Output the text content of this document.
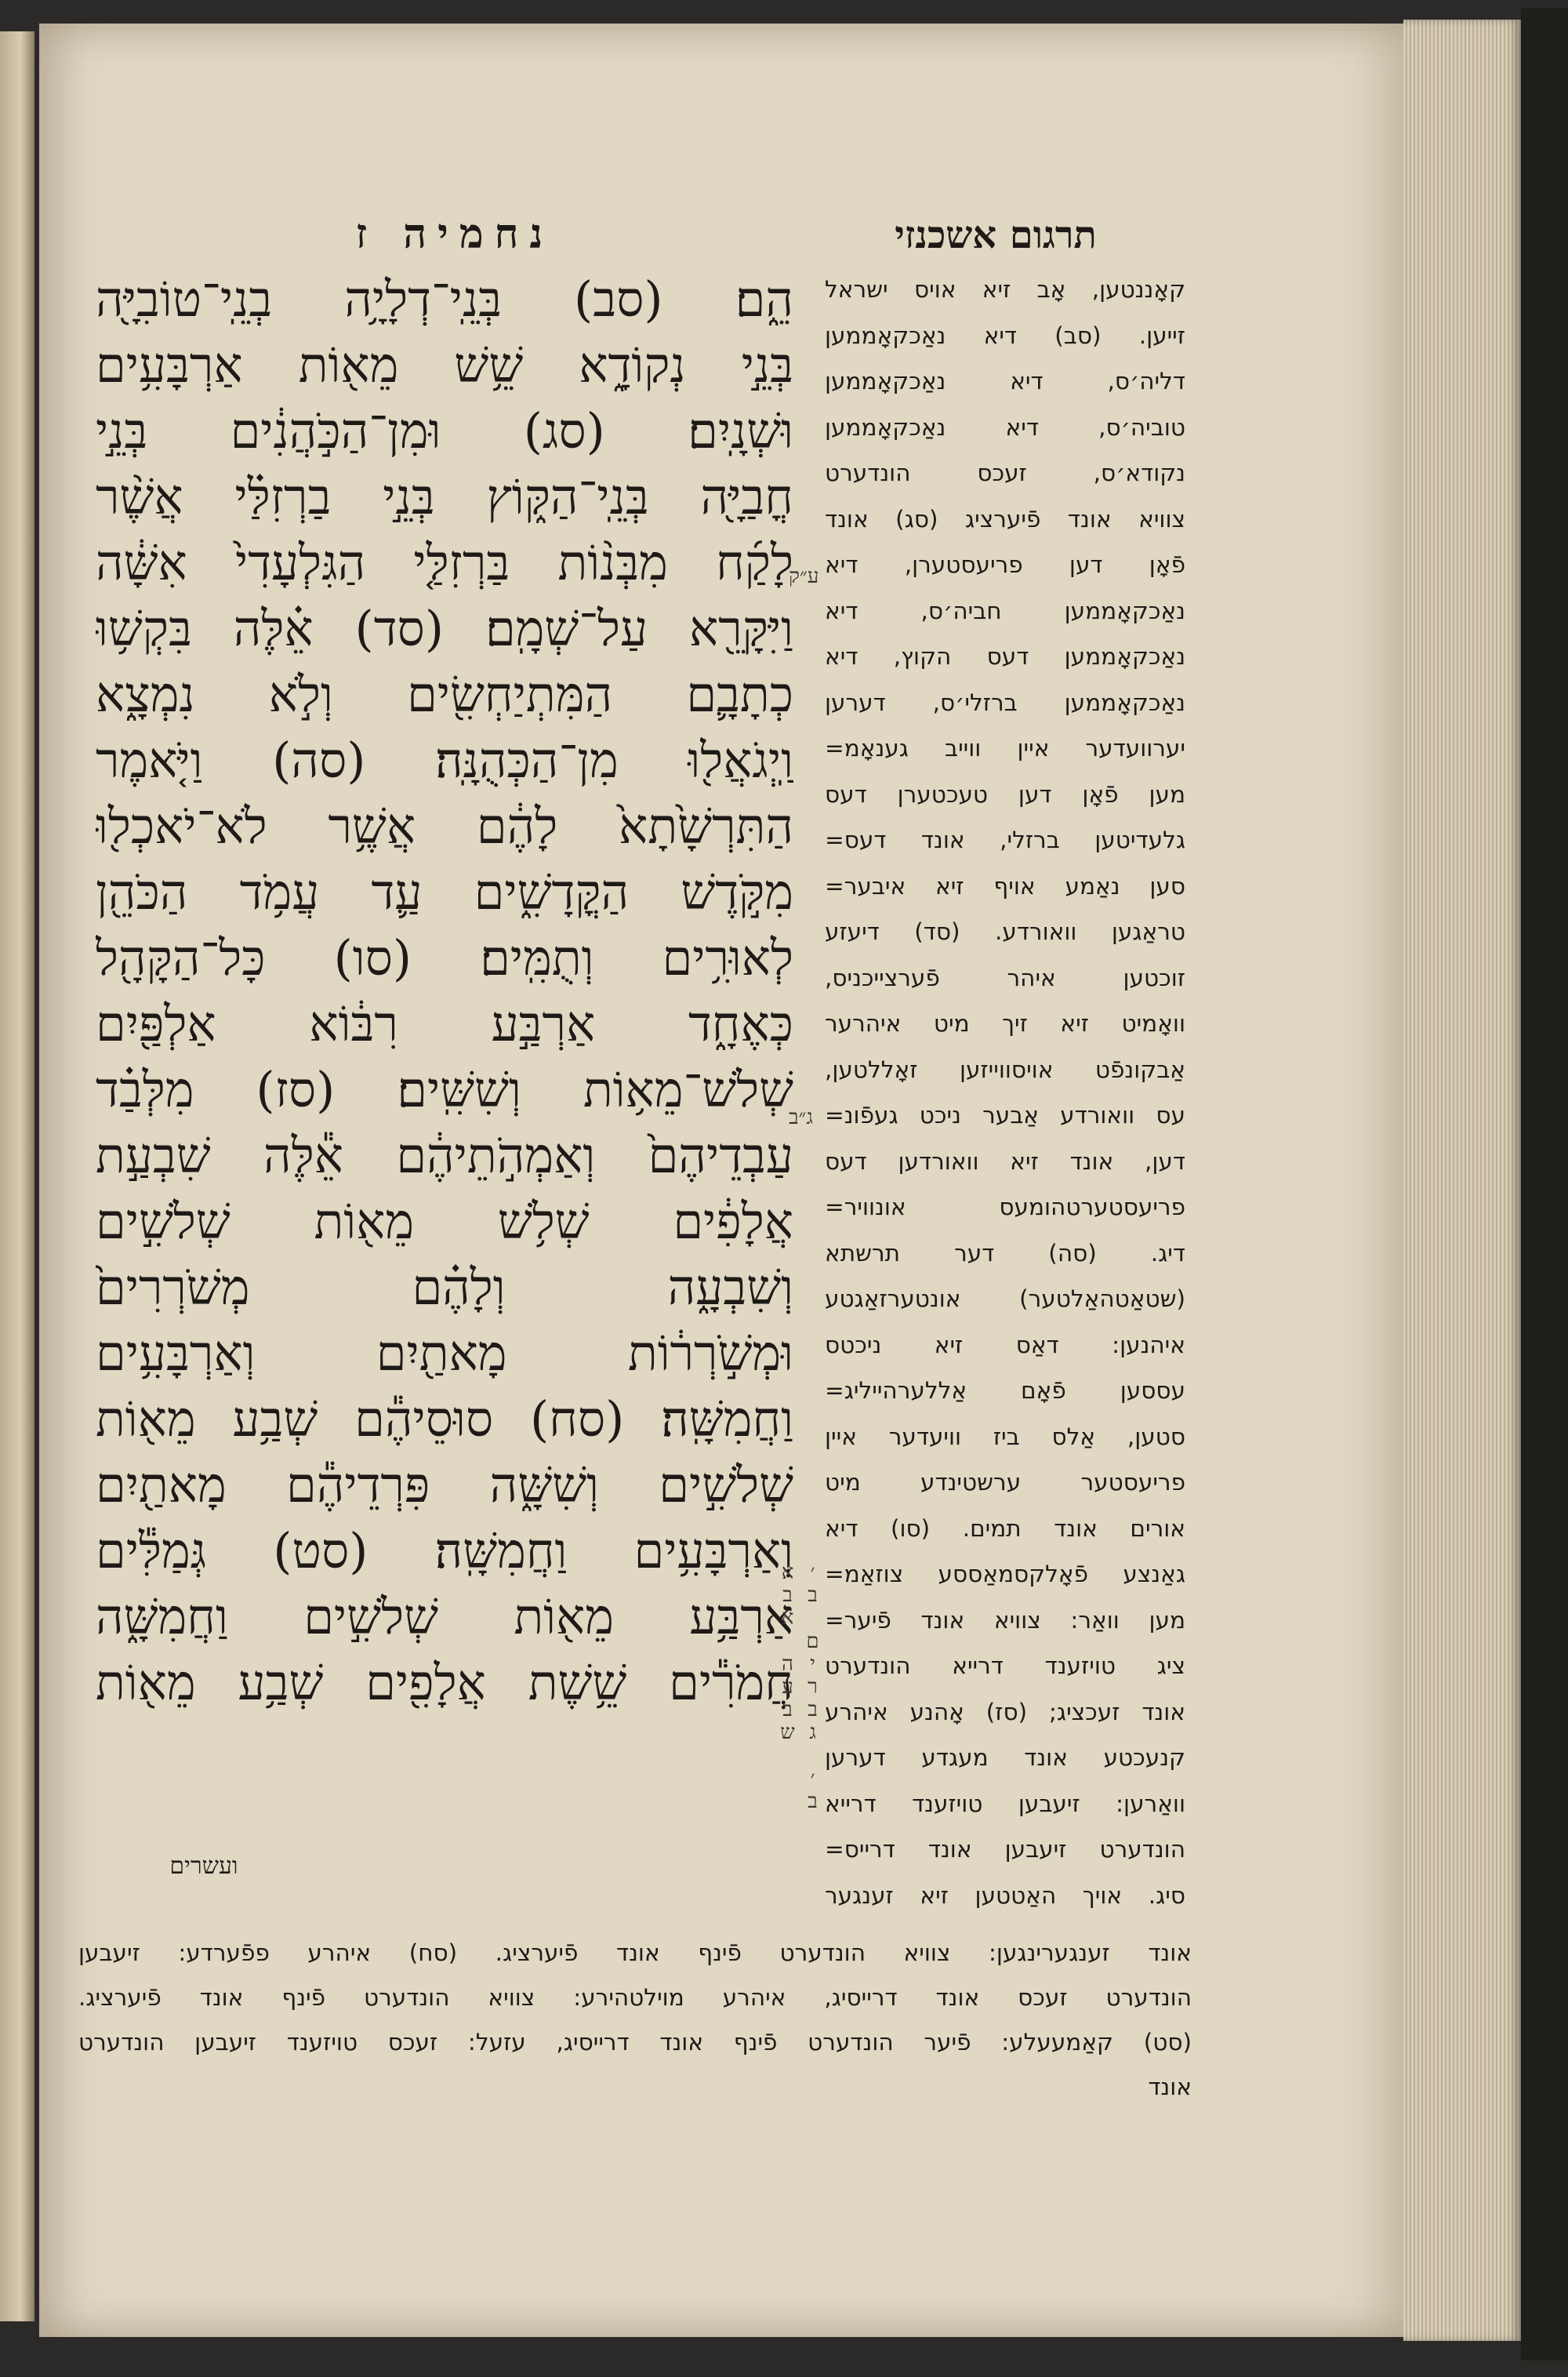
נחמיה ז	תרגום אשכנזי
הֵ֑ם׃ (סב) בְּנֵֽי־דְלָיָ֥ה בְנֵֽי־טוֹבִיָּ֖ה
בְּנֵ֣י נְקוֹדָ֑א שֵׁ֥שׁ מֵא֖וֹת אַרְבָּעִ֥ים
וּשְׁנָֽיִם׃ (סג) וּמִן־הַכֹּ֣הֲנִ֔ים בְּנֵ֣י
חֳבַיָּ֖ה בְּנֵֽי־הַקּ֑וֹץ בְּנֵ֣י בַרְזִלַּ֗י אֲשֶׁ֨ר
לָקַ֜ח מִבְּנ֨וֹת בַּרְזִלַּ֤י הַגִּלְעָדִי֙ אִשָּׁ֔ה
וַיִּקָּרֵ֖א עַל־שְׁמָֽם׃ (סד) אֵ֗לֶּה בִּקְשׁ֥וּ
כְתָבָ֛ם הַמִּתְיַחְשִׂ֖ים וְלֹ֣א נִמְצָ֑א
וַֽיְגֹאֲל֖וּ מִן־הַכְּהֻנָּֽה׃ (סה) וַיֹּ֤אמֶר
הַתִּרְשָׁ֙תָא֙ לָהֶ֔ם אֲשֶׁ֥ר לֹא־יֹאכְל֖וּ
מִקֹּ֣דֶשׁ הַקֳּדָשִׁ֑ים עַ֛ד עֲמֹ֥ד הַכֹּהֵ֖ן
לְאוּרִ֥ים וְתֻמִּֽים׃ (סו) כָּל־הַקָּהָ֖ל
כְּאֶחָ֑ד אַרְבַּ֣ע רִבּ֔וֹא אַלְפַּ֖יִם
שְׁלֹשׁ־מֵא֥וֹת וְשִׁשִּֽׁים׃ (סז) מִלְּבַ֗ד
עַבְדֵיהֶם֙ וְאַמְהֹ֣תֵיהֶ֔ם אֵ֕לֶּה שִׁבְעַ֣ת
אֲלָפִ֔ים שְׁלֹ֥שׁ מֵא֖וֹת שְׁלֹשִׁ֣ים
וְשִׁבְעָ֑ה וְלָהֶ֗ם מְשֹׁרְרִים֙
וּמְשֹׁ֣רְר֔וֹת מָאתַ֖יִם וְאַרְבָּעִ֥ים
וַחֲמִשָּֽׁה׃ (סח) סוּסֵיהֶ֕ם שְׁבַ֥ע מֵא֖וֹת
שְׁלֹשִׁ֣ים וְשִׁשָּׁ֑ה פִּרְדֵיהֶ֕ם מָאתַ֖יִם
וְאַרְבָּעִ֥ים וַחֲמִשָּֽׁה׃ (סט) גְּמַלִּ֕ים
אַרְבַּ֥ע מֵא֖וֹת שְׁלֹשִׁ֣ים וַחֲמִשָּׁ֑ה
חֲמֹרִ֕ים שֵׁ֥שֶׁת אֲלָפִ֖ים שְׁבַ֥ע מֵא֖וֹת
ע״ק
ג״ב
ב׳ גברים ב׳ שבעה אבא
ועשרים
קאָננטען, אָב זיא אויס ישראל
זייען. (סב) דיא נאַכקאָממען
דליה׳ס, דיא נאַכקאָממען
טוביה׳ס, דיא נאַכקאָממען
נקודא׳ס, זעכס הונדערט
צוויא אונד פֿיערציג (סג) אונד
פֿאָן דען פריעסטערן, דיא
נאַכקאָממען חביה׳ס, דיא
נאַכקאָממען דעס הקוץ, דיא
נאַכקאָממען ברזלי׳ס, דערען
יערוועדער איין ווייב גענאָמ=
מען פֿאָן דען טעכטערן דעס
גלעדיטען ברזלי, אונד דעס=
סען נאַמע אויף זיא איבער=
טראַגען וואורדע. (סד) דיעזע
זוכטען איהר פֿערצייכניס,
וואָמיט זיא זיך מיט איהרער
אַבקונפֿט אויסווייזען זאָללטען,
עס וואורדע אַבער ניכט געפֿונ=
דען, אונד זיא וואורדען דעס
פריעסטערטהומעס אונוויר=
דיג. (סה) דער תרשתא
(שטאַטהאַלטער) אונטערזאַגטע
איהנען: דאַס זיא ניכטס
עססען פֿאָם אַללערהייליג=
סטען, אַלס ביז וויעדער איין
פריעסטער ערשטינדע מיט
אורים אונד תמים. (סו) דיא
גאַנצע פֿאָלקסמאַססע צוזאַמ=
מען וואַר: צוויא אונד פֿיער=
ציג טויזענד דרייא הונדערט
אונד זעכציג; (סז) אָהנע איהרע
קנעכטע אונד מעגדע דערען
וואַרען: זיעבען טויזענד דרייא
הונדערט זיעבען אונד דרייס=
סיג. אויך האַטטען זיא זענגער
אונד זענגערינגען: צוויא הונדערט פֿינף אונד פֿיערציג. (סח) איהרע פפֿערדע: זיעבען
הונדערט זעכס אונד דרייסיג, איהרע מוילטהירע: צוויא הונדערט פֿינף אונד פֿיערציג.
(סט) קאַמעעלע: פֿיער הונדערט פֿינף אונד דרייסיג, עזעל: זעכס טויזענד זיעבען הונדערט
אונד
